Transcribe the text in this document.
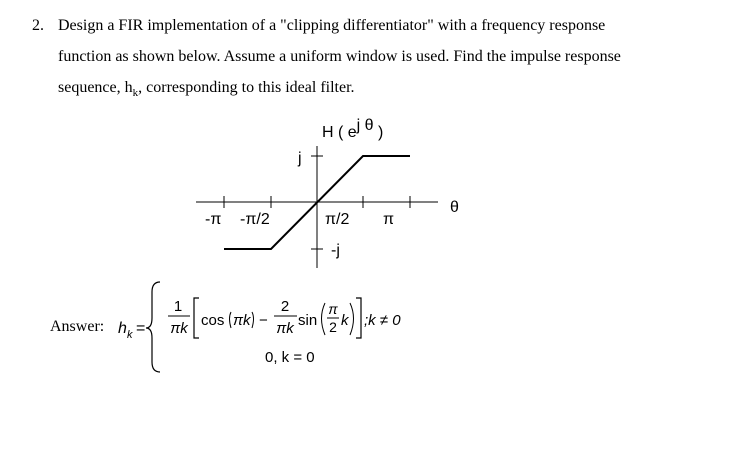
2. Design a FIR implementation of a "clipping differentiator" with a frequency response
function as shown below. Assume a uniform window is used. Find the impulse response
sequence, $h_k$, corresponding to this ideal filter.
H ( ej θ )
j
-j
-π -π/2	π/2 π
θ
Answer: h k =
1
πk cos πk −
2
πk sin
π
2 k ;k ≠ 0
0, k = 0
